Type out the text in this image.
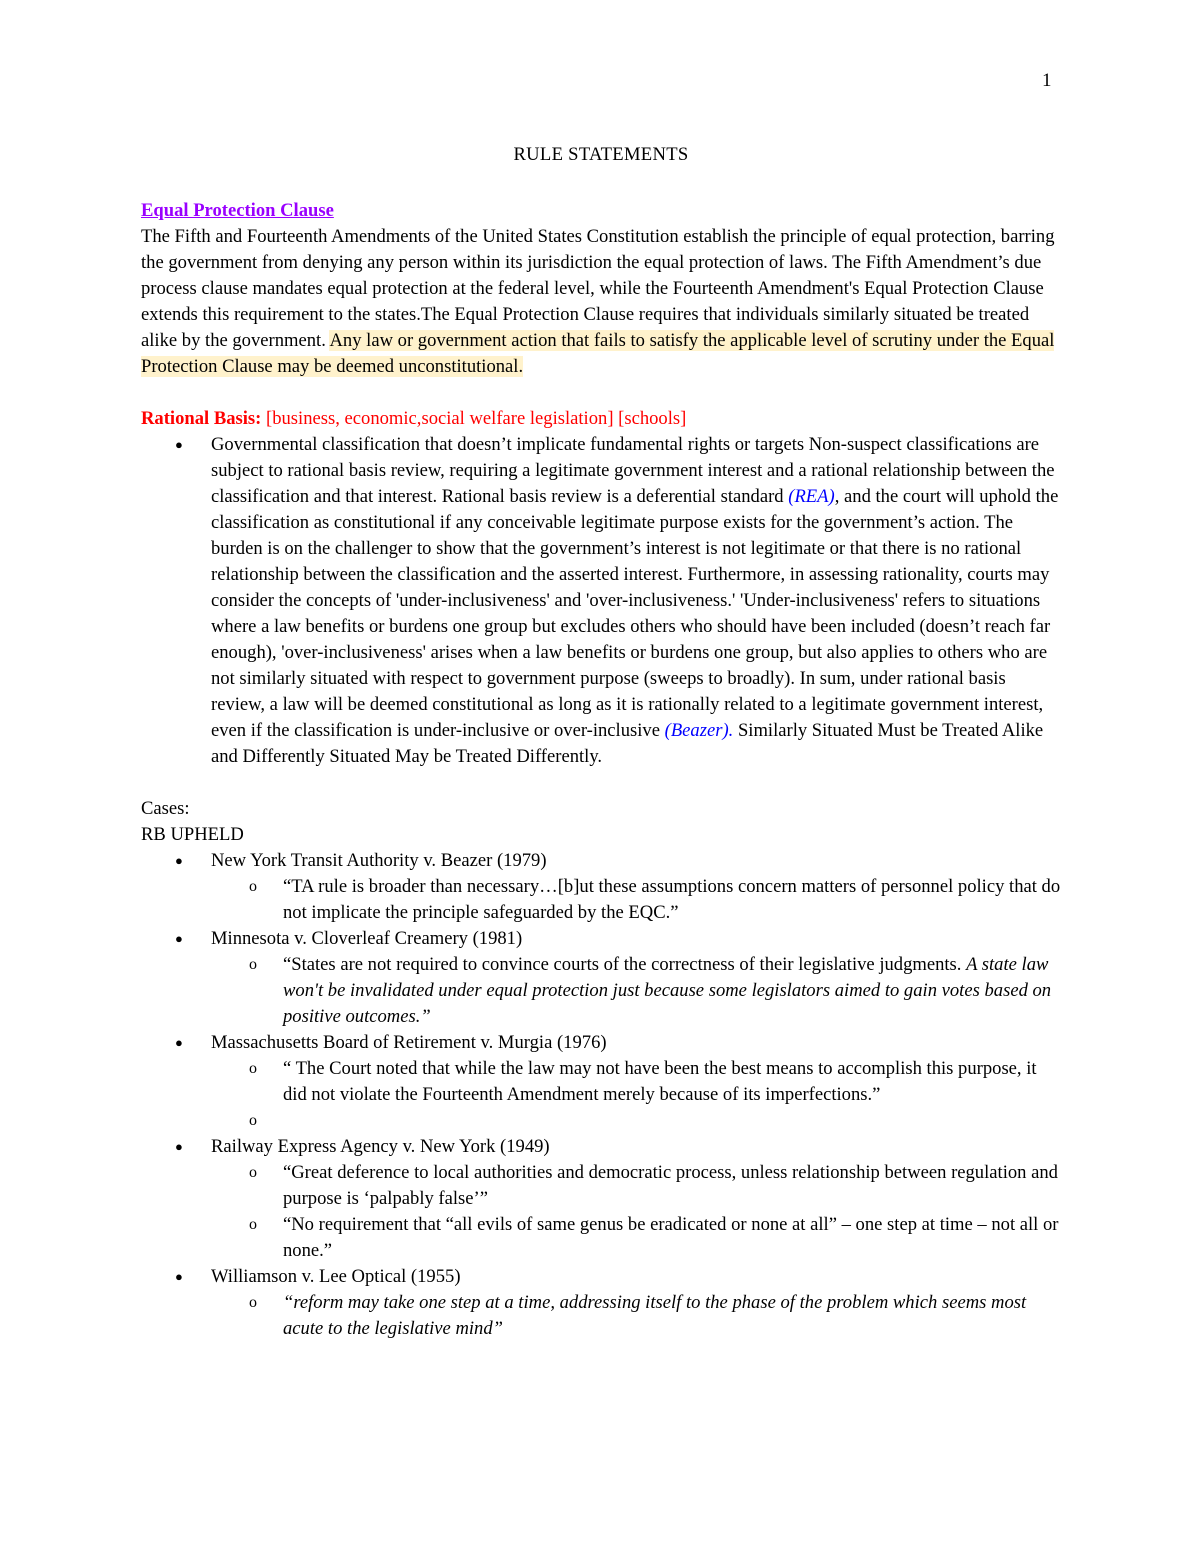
1
RULE STATEMENTS
Equal Protection Clause

The Fifth and Fourteenth Amendments of the United States Constitution establish the principle of equal protection, barring the government from denying any person within its jurisdiction the equal protection of laws. The Fifth Amendment’s due process clause mandates equal protection at the federal level, while the Fourteenth Amendment's Equal Protection Clause extends this requirement to the states.The Equal Protection Clause requires that individuals similarly situated be treated alike by the government. Any law or government action that fails to satisfy the applicable level of scrutiny under the Equal Protection Clause may be deemed unconstitutional.

Rational Basis: [business, economic,social welfare legislation] [schools]
● Governmental classification that doesn’t implicate fundamental rights or targets Non-suspect classifications are subject to rational basis review, requiring a legitimate government interest and a rational relationship between the classification and that interest. Rational basis review is a deferential standard (REA), and the court will uphold the classification as constitutional if any conceivable legitimate purpose exists for the government’s action. The burden is on the challenger to show that the government’s interest is not legitimate or that there is no rational relationship between the classification and the asserted interest. Furthermore, in assessing rationality, courts may consider the concepts of 'under-inclusiveness' and 'over-inclusiveness.' 'Under-inclusiveness' refers to situations where a law benefits or burdens one group but excludes others who should have been included (doesn’t reach far enough), 'over-inclusiveness' arises when a law benefits or burdens one group, but also applies to others who are not similarly situated with respect to government purpose (sweeps to broadly). In sum, under rational basis review, a law will be deemed constitutional as long as it is rationally related to a legitimate government interest, even if the classification is under-inclusive or over-inclusive (Beazer). Similarly Situated Must be Treated Alike and Differently Situated May be Treated Differently.
Cases:
RB UPHELD
● New York Transit Authority v. Beazer (1979)
o “TA rule is broader than necessary…[b]ut these assumptions concern matters of personnel policy that do not implicate the principle safeguarded by the EQC.”
● Minnesota v. Cloverleaf Creamery (1981)
o “States are not required to convince courts of the correctness of their legislative judgments. A state law won't be invalidated under equal protection just because some legislators aimed to gain votes based on positive outcomes.”
● Massachusetts Board of Retirement v. Murgia (1976)
o “ The Court noted that while the law may not have been the best means to accomplish this purpose, it did not violate the Fourteenth Amendment merely because of its imperfections.”
o
● Railway Express Agency v. New York (1949)
o “Great deference to local authorities and democratic process, unless relationship between regulation and purpose is ‘palpably false’”
o “No requirement that “all evils of same genus be eradicated or none at all” – one step at time – not all or none.”
● Williamson v. Lee Optical (1955)
o “reform may take one step at a time, addressing itself to the phase of the problem which seems most acute to the legislative mind”
